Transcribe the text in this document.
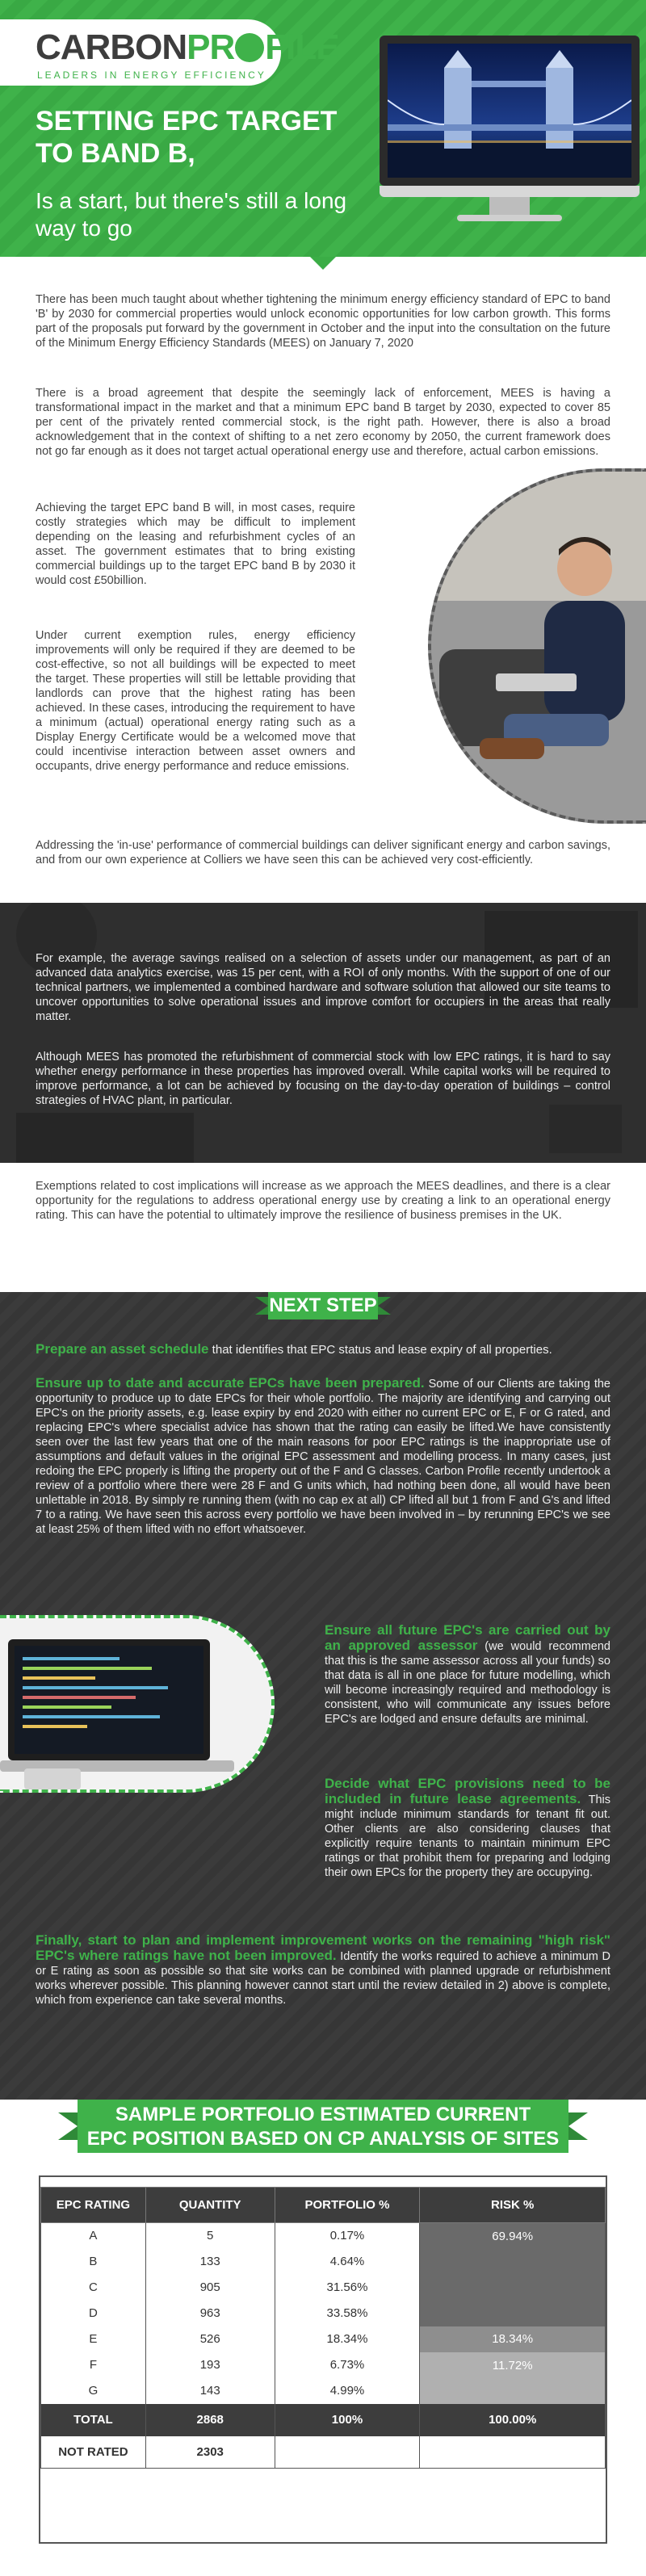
CARBONPR FILE
LEADERS IN ENERGY EFFICIENCY
SETTING EPC TARGET TO BAND B,
Is a start, but there's still a long way to go
There has been much taught about whether tightening the minimum energy efficiency standard of EPC to band 'B' by 2030 for commercial properties would unlock economic opportunities for low carbon growth. This forms part of the proposals put forward by the government in October and the input into the consultation on the future of the Minimum Energy Efficiency Standards (MEES) on January 7, 2020
There is a broad agreement that despite the seemingly lack of enforcement, MEES is having a transformational impact in the market and that a minimum EPC band B target by 2030, expected to cover 85 per cent of the privately rented commercial stock, is the right path. However, there is also a broad acknowledgement that in the context of shifting to a net zero economy by 2050, the current framework does not go far enough as it does not target actual operational energy use and therefore, actual carbon emissions.
Achieving the target EPC band B will, in most cases, require costly strategies which may be difficult to implement depending on the leasing and refurbishment cycles of an asset. The government estimates that to bring existing commercial buildings up to the target EPC band B by 2030 it would cost £50billion.
Under current exemption rules, energy efficiency improvements will only be required if they are deemed to be cost-effective, so not all buildings will be expected to meet the target. These properties will still be lettable providing that landlords can prove that the highest rating has been achieved. In these cases, introducing the requirement to have a minimum (actual) operational energy rating such as a Display Energy Certificate would be a welcomed move that could incentivise interaction between asset owners and occupants, drive energy performance and reduce emissions.
Addressing the 'in-use' performance of commercial buildings can deliver significant energy and carbon savings, and from our own experience at Colliers we have seen this can be achieved very cost-efficiently.
For example, the average savings realised on a selection of assets under our management, as part of an advanced data analytics exercise, was 15 per cent, with a ROI of only months. With the support of one of our technical partners, we implemented a combined hardware and software solution that allowed our site teams to uncover opportunities to solve operational issues and improve comfort for occupiers in the areas that really matter.
Although MEES has promoted the refurbishment of commercial stock with low EPC ratings, it is hard to say whether energy performance in these properties has improved overall. While capital works will be required to improve performance, a lot can be achieved by focusing on the day-to-day operation of buildings – control strategies of HVAC plant, in particular.
Exemptions related to cost implications will increase as we approach the MEES deadlines, and there is a clear opportunity for the regulations to address operational energy use by creating a link to an operational energy rating. This can have the potential to ultimately improve the resilience of business premises in the UK.
NEXT STEP
Prepare an asset schedule that identifies that EPC status and lease expiry of all properties.
Ensure up to date and accurate EPCs have been prepared. Some of our Clients are taking the opportunity to produce up to date EPCs for their whole portfolio. The majority are identifying and carrying out EPC's on the priority assets, e.g. lease expiry by end 2020 with either no current EPC or E, F or G rated, and replacing EPC's where specialist advice has shown that the rating can easily be lifted.We have consistently seen over the last few years that one of the main reasons for poor EPC ratings is the inappropriate use of assumptions and default values in the original EPC assessment and modelling process. In many cases, just redoing the EPC properly is lifting the property out of the F and G classes. Carbon Profile recently undertook a review of a portfolio where there were 28 F and G units which, had nothing been done, all would have been unlettable in 2018. By simply re running them (with no cap ex at all) CP lifted all but 1 from F and G's and lifted 7 to a rating. We have seen this across every portfolio we have been involved in – by rerunning EPC's we see at least 25% of them lifted with no effort whatsoever.
Ensure all future EPC's are carried out by an approved assessor (we would recommend that this is the same assessor across all your funds) so that data is all in one place for future modelling, which will become increasingly required and methodology is consistent, who will communicate any issues before EPC's are lodged and ensure defaults are minimal.
Decide what EPC provisions need to be included in future lease agreements. This might include minimum standards for tenant fit out. Other clients are also considering clauses that explicitly require tenants to maintain minimum EPC ratings or that prohibit them for preparing and lodging their own EPCs for the property they are occupying.
Finally, start to plan and implement improvement works on the remaining "high risk" EPC's where ratings have not been improved. Identify the works required to achieve a minimum D or E rating as soon as possible so that site works can be combined with planned upgrade or refurbishment works wherever possible. This planning however cannot start until the review detailed in 2) above is complete, which from experience can take several months.
SAMPLE PORTFOLIO ESTIMATED CURRENT
EPC POSITION BASED ON CP ANALYSIS OF SITES
EPC RATING	QUANTITY	PORTFOLIO %	RISK %
A	5	0.17%	69.94%
B	133	4.64%	
C	905	31.56%	
D	963	33.58%	
E	526	18.34%	18.34%
F	193	6.73%	11.72%
G	143	4.99%	
TOTAL	2868	100%	100.00%
NOT RATED	2303		
